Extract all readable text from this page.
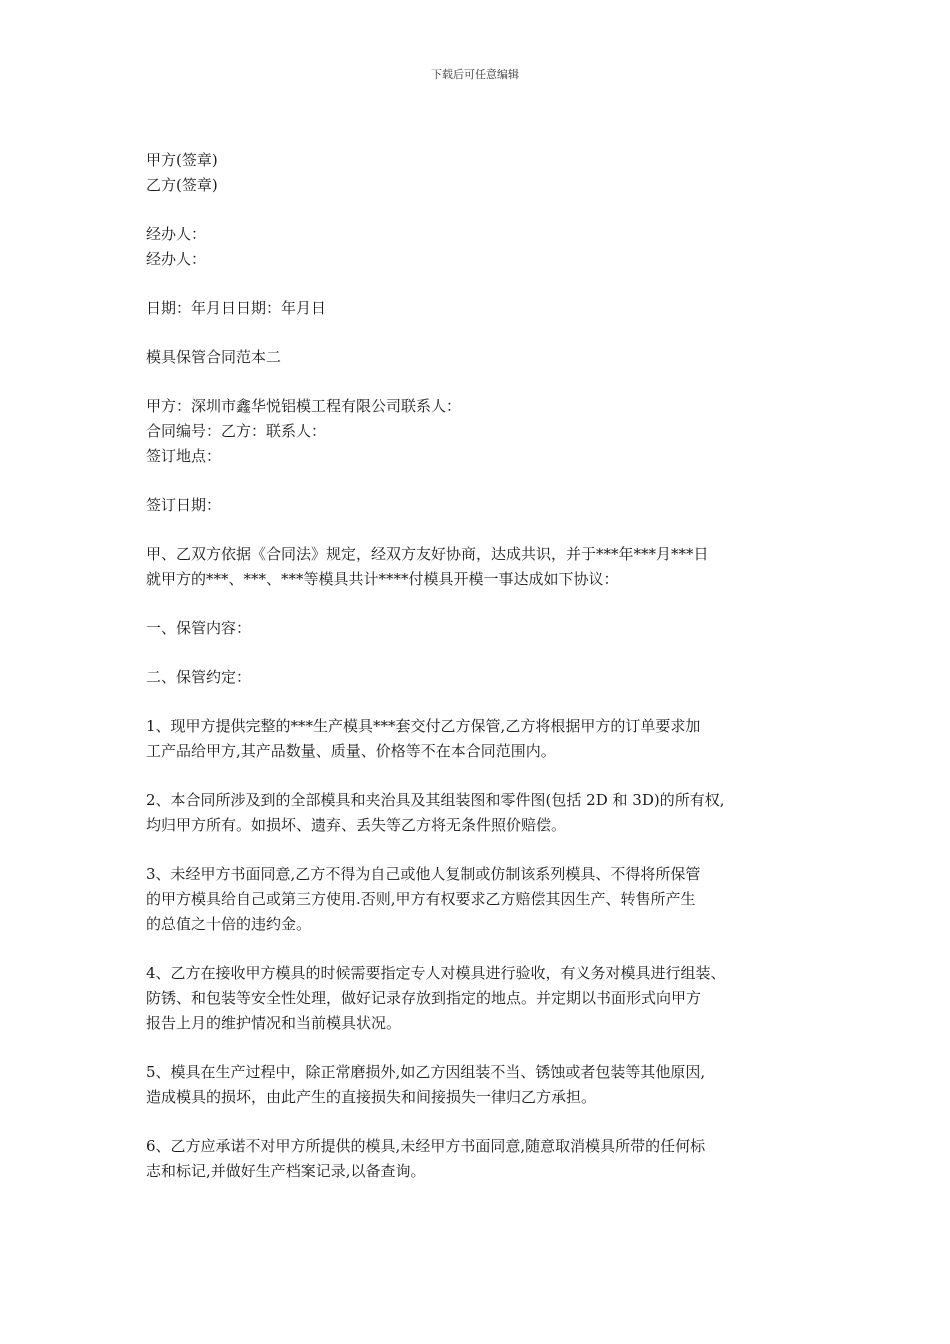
下载后可任意编辑
甲方(签章)
乙方(签章)
经办人：
经办人：
日期：年月日日期：年月日
模具保管合同范本二
甲方：深圳市鑫华悦铝模工程有限公司联系人：
合同编号：乙方：联系人：
签订地点：
签订日期：
甲、乙双方依据《合同法》规定，经双方友好协商，达成共识，并于***年***月***日
就甲方的***、***、***等模具共计****付模具开模一事达成如下协议：
一、保管内容：
二、保管约定：
1、现甲方提供完整的***生产模具***套交付乙方保管,乙方将根据甲方的订单要求加
工产品给甲方,其产品数量、质量、价格等不在本合同范围内。
2、本合同所涉及到的全部模具和夹治具及其组装图和零件图(包括 2D 和 3D)的所有权,
均归甲方所有。如损坏、遗弃、丢失等乙方将无条件照价赔偿。
3、未经甲方书面同意,乙方不得为自己或他人复制或仿制该系列模具、不得将所保管
的甲方模具给自己或第三方使用.否则,甲方有权要求乙方赔偿其因生产、转售所产生
的总值之十倍的违约金。
4、乙方在接收甲方模具的时候需要指定专人对模具进行验收，有义务对模具进行组装、
防锈、和包装等安全性处理，做好记录存放到指定的地点。并定期以书面形式向甲方
报告上月的维护情况和当前模具状况。
5、模具在生产过程中，除正常磨损外,如乙方因组装不当、锈蚀或者包装等其他原因,
造成模具的损坏，由此产生的直接损失和间接损失一律归乙方承担。
6、乙方应承诺不对甲方所提供的模具,未经甲方书面同意,随意取消模具所带的任何标
志和标记,并做好生产档案记录,以备查询。
